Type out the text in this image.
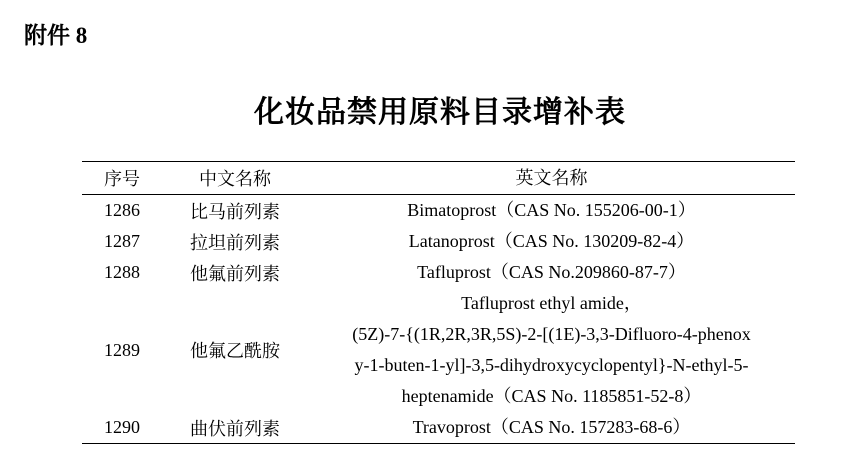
附件 8
化妆品禁用原料目录增补表
序号	中文名称	英文名称
1286	比马前列素	Bimatoprost（CAS No. 155206-00-1）
1287	拉坦前列素	Latanoprost（CAS No. 130209-82-4）
1288	他氟前列素	Tafluprost（CAS No.209860-87-7）
1289	他氟乙酰胺
Tafluprost ethyl amide，
(5Z)-7-{(1R,2R,3R,5S)-2-[(1E)-3,3-Difluoro-4-phenox
y-1-buten-1-yl]-3,5-dihydroxycyclopentyl}-N-ethyl-5-
heptenamide（CAS No. 1185851-52-8）
1290	曲伏前列素	Travoprost（CAS No. 157283-68-6）
